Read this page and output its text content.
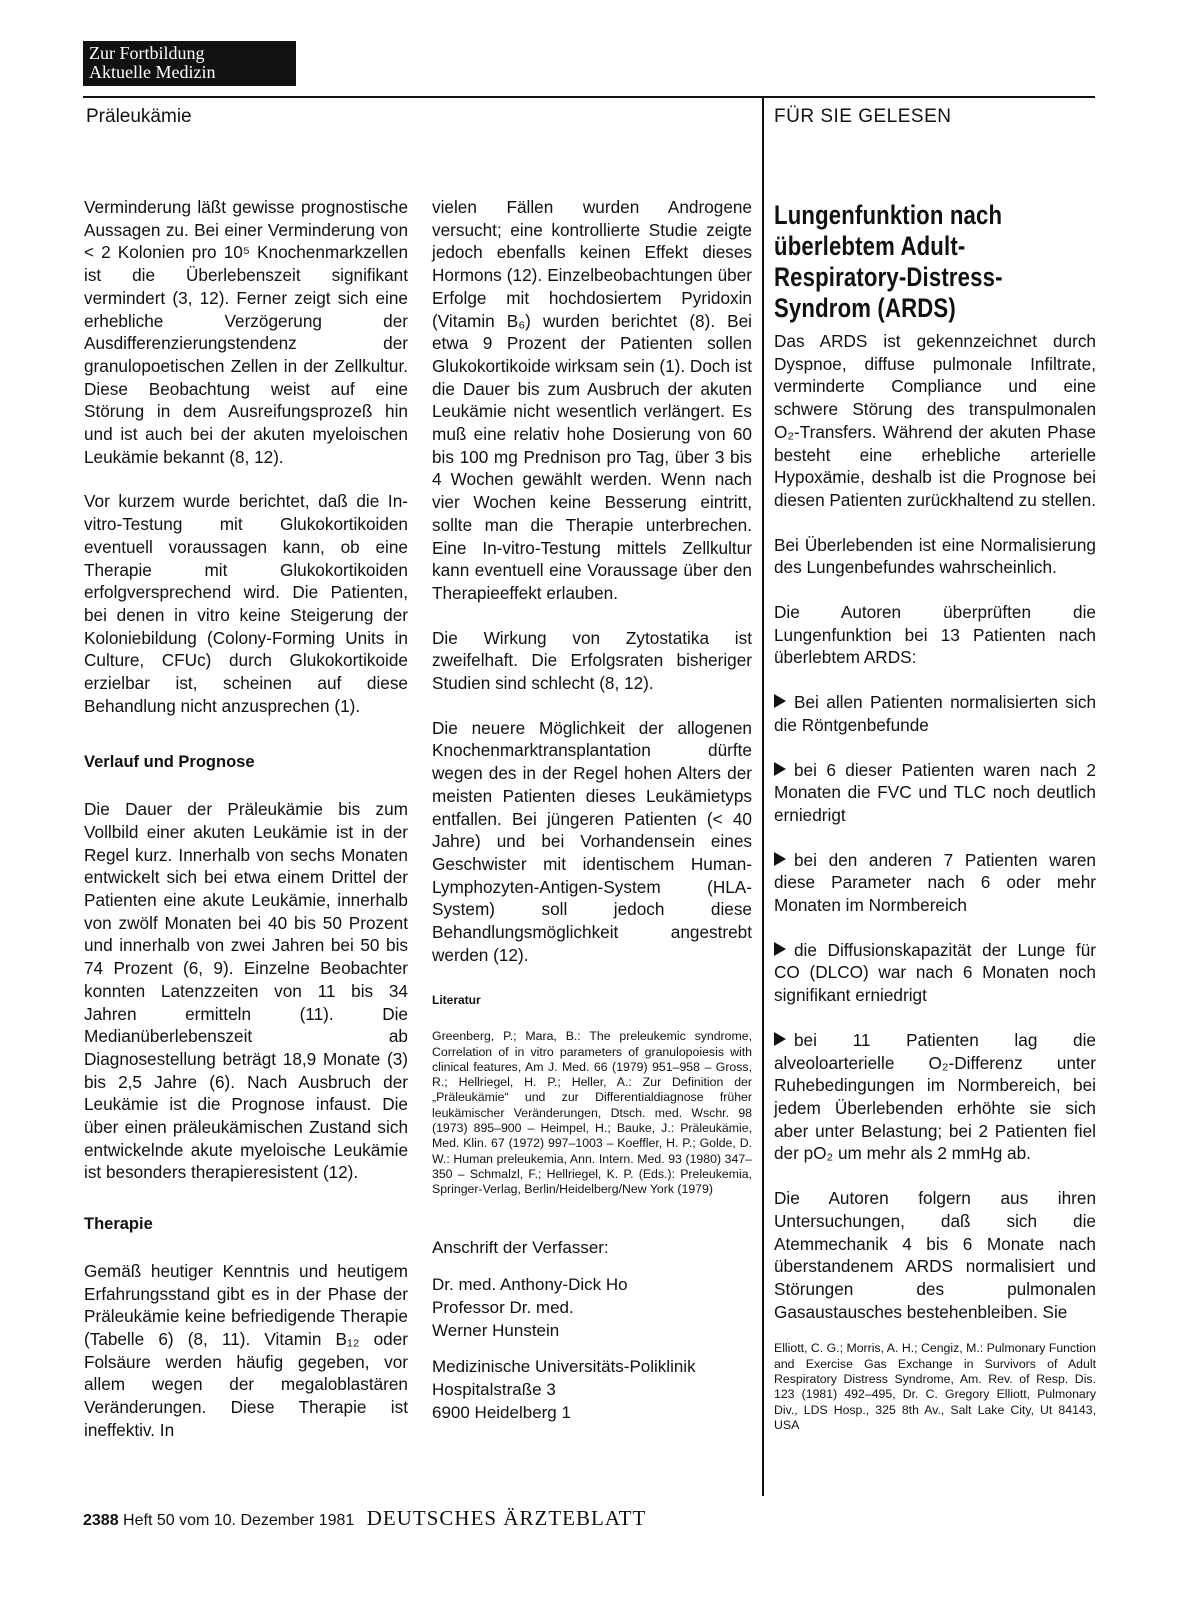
Zur Fortbildung
Aktuelle Medizin
Präleukämie	FÜR SIE GELESEN

Verminderung läßt gewisse prognostische Aussagen zu. Bei einer Verminderung von < 2 Kolonien pro 10⁵ Knochenmarkzellen ist die Überlebenszeit signifikant vermindert (3, 12). Ferner zeigt sich eine erhebliche Verzögerung der Ausdifferenzierungstendenz der granulopoetischen Zellen in der Zellkultur. Diese Beobachtung weist auf eine Störung in dem Ausreifungsprozeß hin und ist auch bei der akuten myeloischen Leukämie bekannt (8, 12).

Vor kurzem wurde berichtet, daß die In-vitro-Testung mit Glukokortikoiden eventuell voraussagen kann, ob eine Therapie mit Glukokortikoiden erfolgversprechend wird. Die Patienten, bei denen in vitro keine Steigerung der Koloniebildung (Colony-Forming Units in Culture, CFUc) durch Glukokortikoide erzielbar ist, scheinen auf diese Behandlung nicht anzusprechen (1).

Verlauf und Prognose

Die Dauer der Präleukämie bis zum Vollbild einer akuten Leukämie ist in der Regel kurz. Innerhalb von sechs Monaten entwickelt sich bei etwa einem Drittel der Patienten eine akute Leukämie, innerhalb von zwölf Monaten bei 40 bis 50 Prozent und innerhalb von zwei Jahren bei 50 bis 74 Prozent (6, 9). Einzelne Beobachter konnten Latenzzeiten von 11 bis 34 Jahren ermitteln (11). Die Medianüberlebenszeit ab Diagnosestellung beträgt 18,9 Monate (3) bis 2,5 Jahre (6). Nach Ausbruch der Leukämie ist die Prognose infaust. Die über einen präleukämischen Zustand sich entwickelnde akute myeloische Leukämie ist besonders therapieresistent (12).

Therapie

Gemäß heutiger Kenntnis und heutigem Erfahrungsstand gibt es in der Phase der Präleukämie keine befriedigende Therapie (Tabelle 6) (8, 11). Vitamin B₁₂ oder Folsäure werden häufig gegeben, vor allem wegen der megaloblastären Veränderungen. Diese Therapie ist ineffektiv. In

vielen Fällen wurden Androgene versucht; eine kontrollierte Studie zeigte jedoch ebenfalls keinen Effekt dieses Hormons (12). Einzelbeobachtungen über Erfolge mit hochdosiertem Pyridoxin (Vitamin B₆) wurden berichtet (8). Bei etwa 9 Prozent der Patienten sollen Glukokortikoide wirksam sein (1). Doch ist die Dauer bis zum Ausbruch der akuten Leukämie nicht wesentlich verlängert. Es muß eine relativ hohe Dosierung von 60 bis 100 mg Prednison pro Tag, über 3 bis 4 Wochen gewählt werden. Wenn nach vier Wochen keine Besserung eintritt, sollte man die Therapie unterbrechen. Eine In-vitro-Testung mittels Zellkultur kann eventuell eine Voraussage über den Therapieeffekt erlauben.

Die Wirkung von Zytostatika ist zweifelhaft. Die Erfolgsraten bisheriger Studien sind schlecht (8, 12).

Die neuere Möglichkeit der allogenen Knochenmarktransplantation dürfte wegen des in der Regel hohen Alters der meisten Patienten dieses Leukämietyps entfallen. Bei jüngeren Patienten (< 40 Jahre) und bei Vorhandensein eines Geschwister mit identischem Human-Lymphozyten-Antigen-System (HLA-System) soll jedoch diese Behandlungsmöglichkeit angestrebt werden (12).

Literatur
Greenberg, P.; Mara, B.: The preleukemic syndrome, Correlation of in vitro parameters of granulopoiesis with clinical features, Am J. Med. 66 (1979) 951–958 – Gross, R.; Hellriegel, H. P.; Heller, A.: Zur Definition der „Präleukämie“ und zur Differentialdiagnose früher leukämischer Veränderungen, Dtsch. med. Wschr. 98 (1973) 895–900 – Heimpel, H.; Bauke, J.: Präleukämie, Med. Klin. 67 (1972) 997–1003 – Koeffler, H. P.; Golde, D. W.: Human preleukemia, Ann. Intern. Med. 93 (1980) 347–350 – Schmalzl, F.; Hellriegel, K. P. (Eds.): Preleukemia, Springer-Verlag, Berlin/Heidelberg/New York (1979)
Anschrift der Verfasser:
Dr. med. Anthony-Dick Ho
Professor Dr. med.
Werner Hunstein
Medizinische Universitäts-Poliklinik
Hospitalstraße 3
6900 Heidelberg 1
Lungenfunktion nach überlebtem Adult-Respiratory-Distress-Syndrom (ARDS)

Das ARDS ist gekennzeichnet durch Dyspnoe, diffuse pulmonale Infiltrate, verminderte Compliance und eine schwere Störung des transpulmonalen O₂-Transfers. Während der akuten Phase besteht eine erhebliche arterielle Hypoxämie, deshalb ist die Prognose bei diesen Patienten zurückhaltend zu stellen.

Bei Überlebenden ist eine Normalisierung des Lungenbefundes wahrscheinlich.

Die Autoren überprüften die Lungenfunktion bei 13 Patienten nach überlebtem ARDS:

Bei allen Patienten normalisierten sich die Röntgenbefunde

bei 6 dieser Patienten waren nach 2 Monaten die FVC und TLC noch deutlich erniedrigt

bei den anderen 7 Patienten waren diese Parameter nach 6 oder mehr Monaten im Normbereich

die Diffusionskapazität der Lunge für CO (DLCO) war nach 6 Monaten noch signifikant erniedrigt

bei 11 Patienten lag die alveoloarterielle O₂-Differenz unter Ruhebedingungen im Normbereich, bei jedem Überlebenden erhöhte sie sich aber unter Belastung; bei 2 Patienten fiel der pO₂ um mehr als 2 mmHg ab.

Die Autoren folgern aus ihren Untersuchungen, daß sich die Atemmechanik 4 bis 6 Monate nach überstandenem ARDS normalisiert und Störungen des pulmonalen Gasaustausches bestehenbleiben. Sie

Elliott, C. G.; Morris, A. H.; Cengiz, M.: Pulmonary Function and Exercise Gas Exchange in Survivors of Adult Respiratory Distress Syndrome, Am. Rev. of Resp. Dis. 123 (1981) 492–495, Dr. C. Gregory Elliott, Pulmonary Div., LDS Hosp., 325 8th Av., Salt Lake City, Ut 84143, USA
2388 Heft 50 vom 10. Dezember 1981 DEUTSCHES ÄRZTEBLATT
